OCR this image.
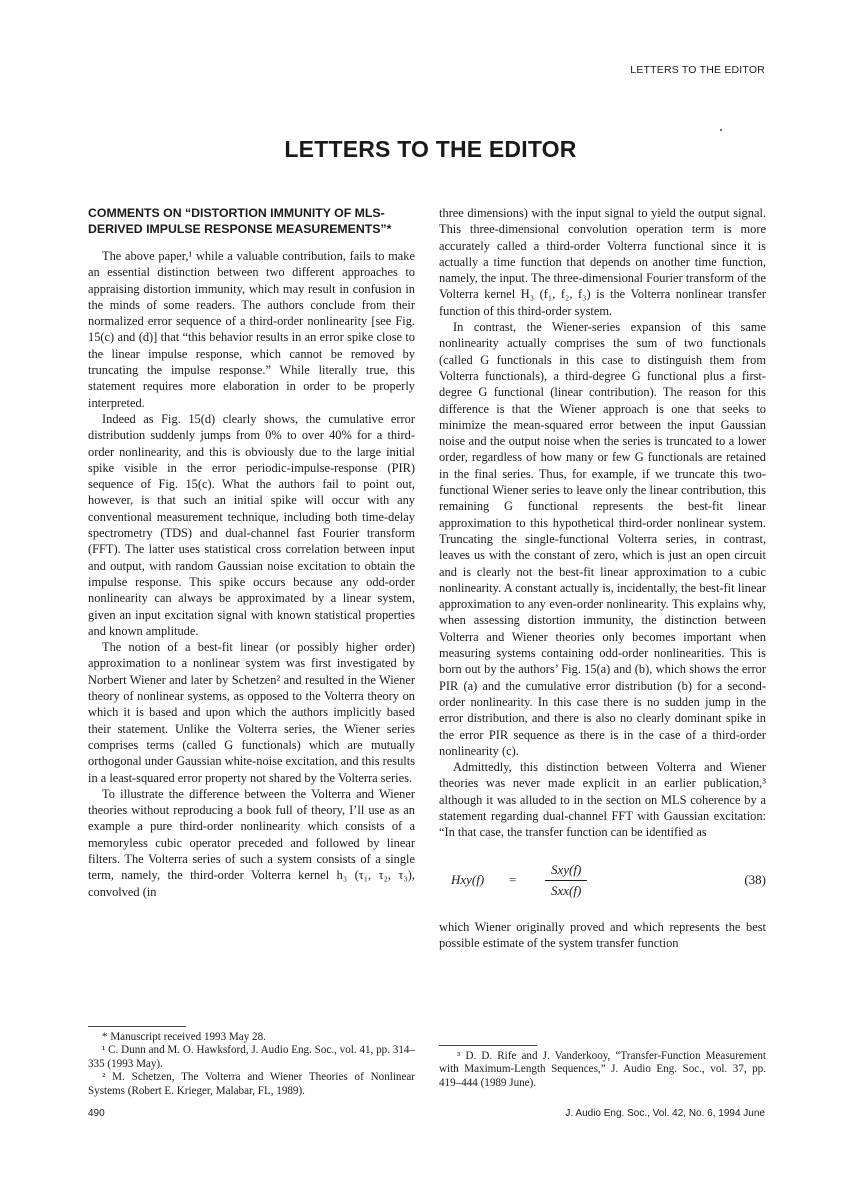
LETTERS TO THE EDITOR
LETTERS TO THE EDITOR
COMMENTS ON “DISTORTION IMMUNITY OF MLS-DERIVED IMPULSE RESPONSE MEASUREMENTS”*

The above paper,¹ while a valuable contribution, fails to make an essential distinction between two different approaches to appraising distortion immunity, which may result in confusion in the minds of some readers. The authors conclude from their normalized error sequence of a third-order nonlinearity [see Fig. 15(c) and (d)] that “this behavior results in an error spike close to the linear impulse response, which cannot be removed by truncating the impulse response.” While literally true, this statement requires more elaboration in order to be properly interpreted.

Indeed as Fig. 15(d) clearly shows, the cumulative error distribution suddenly jumps from 0% to over 40% for a third-order nonlinearity, and this is obviously due to the large initial spike visible in the error periodic-impulse-response (PIR) sequence of Fig. 15(c). What the authors fail to point out, however, is that such an initial spike will occur with any conventional measurement technique, including both time-delay spectrometry (TDS) and dual-channel fast Fourier transform (FFT). The latter uses statistical cross correlation between input and output, with random Gaussian noise excitation to obtain the impulse response. This spike occurs because any odd-order nonlinearity can always be approximated by a linear system, given an input excitation signal with known statistical properties and known amplitude.

The notion of a best-fit linear (or possibly higher order) approximation to a nonlinear system was first investigated by Norbert Wiener and later by Schetzen² and resulted in the Wiener theory of nonlinear systems, as opposed to the Volterra theory on which it is based and upon which the authors implicitly based their statement. Unlike the Volterra series, the Wiener series comprises terms (called G functionals) which are mutually orthogonal under Gaussian white-noise excitation, and this results in a least-squared error property not shared by the Volterra series.

To illustrate the difference between the Volterra and Wiener theories without reproducing a book full of theory, I’ll use as an example a pure third-order nonlinearity which consists of a memoryless cubic operator preceded and followed by linear filters. The Volterra series of such a system consists of a single term, namely, the third-order Volterra kernel h₃ (τ₁, τ₂, τ₃), convolved (in

three dimensions) with the input signal to yield the output signal. This three-dimensional convolution operation term is more accurately called a third-order Volterra functional since it is actually a time function that depends on another time function, namely, the input. The three-dimensional Fourier transform of the Volterra kernel H₃ (f₁, f₂, f₃) is the Volterra nonlinear transfer function of this third-order system.

In contrast, the Wiener-series expansion of this same nonlinearity actually comprises the sum of two functionals (called G functionals in this case to distinguish them from Volterra functionals), a third-degree G functional plus a first-degree G functional (linear contribution). The reason for this difference is that the Wiener approach is one that seeks to minimize the mean-squared error between the input Gaussian noise and the output noise when the series is truncated to a lower order, regardless of how many or few G functionals are retained in the final series. Thus, for example, if we truncate this two-functional Wiener series to leave only the linear contribution, this remaining G functional represents the best-fit linear approximation to this hypothetical third-order nonlinear system. Truncating the single-functional Volterra series, in contrast, leaves us with the constant of zero, which is just an open circuit and is clearly not the best-fit linear approximation to a cubic nonlinearity. A constant actually is, incidentally, the best-fit linear approximation to any even-order nonlinearity. This explains why, when assessing distortion immunity, the distinction between Volterra and Wiener theories only becomes important when measuring systems containing odd-order nonlinearities. This is born out by the authors’ Fig. 15(a) and (b), which shows the error PIR (a) and the cumulative error distribution (b) for a second-order nonlinearity. In this case there is no sudden jump in the error distribution, and there is also no clearly dominant spike in the error PIR sequence as there is in the case of a third-order nonlinearity (c).

Admittedly, this distinction between Volterra and Wiener theories was never made explicit in an earlier publication,³ although it was alluded to in the section on MLS coherence by a statement regarding dual-channel FFT with Gaussian excitation: “In that case, the transfer function can be identified as

Hxy(f)	=	$\frac{\text{Sxy(f)}}{\text{Sxx(f)}}$	(38)

which Wiener originally proved and which represents the best possible estimate of the system transfer function

* Manuscript received 1993 May 28.

¹ C. Dunn and M. O. Hawksford, J. Audio Eng. Soc., vol. 41, pp. 314–335 (1993 May).

² M. Schetzen, The Volterra and Wiener Theories of Nonlinear Systems (Robert E. Krieger, Malabar, FL, 1989).

³ D. D. Rife and J. Vanderkooy, “Transfer-Function Measurement with Maximum-Length Sequences,” J. Audio Eng. Soc., vol. 37, pp. 419–444 (1989 June).

490	J. Audio Eng. Soc., Vol. 42, No. 6, 1994 June
